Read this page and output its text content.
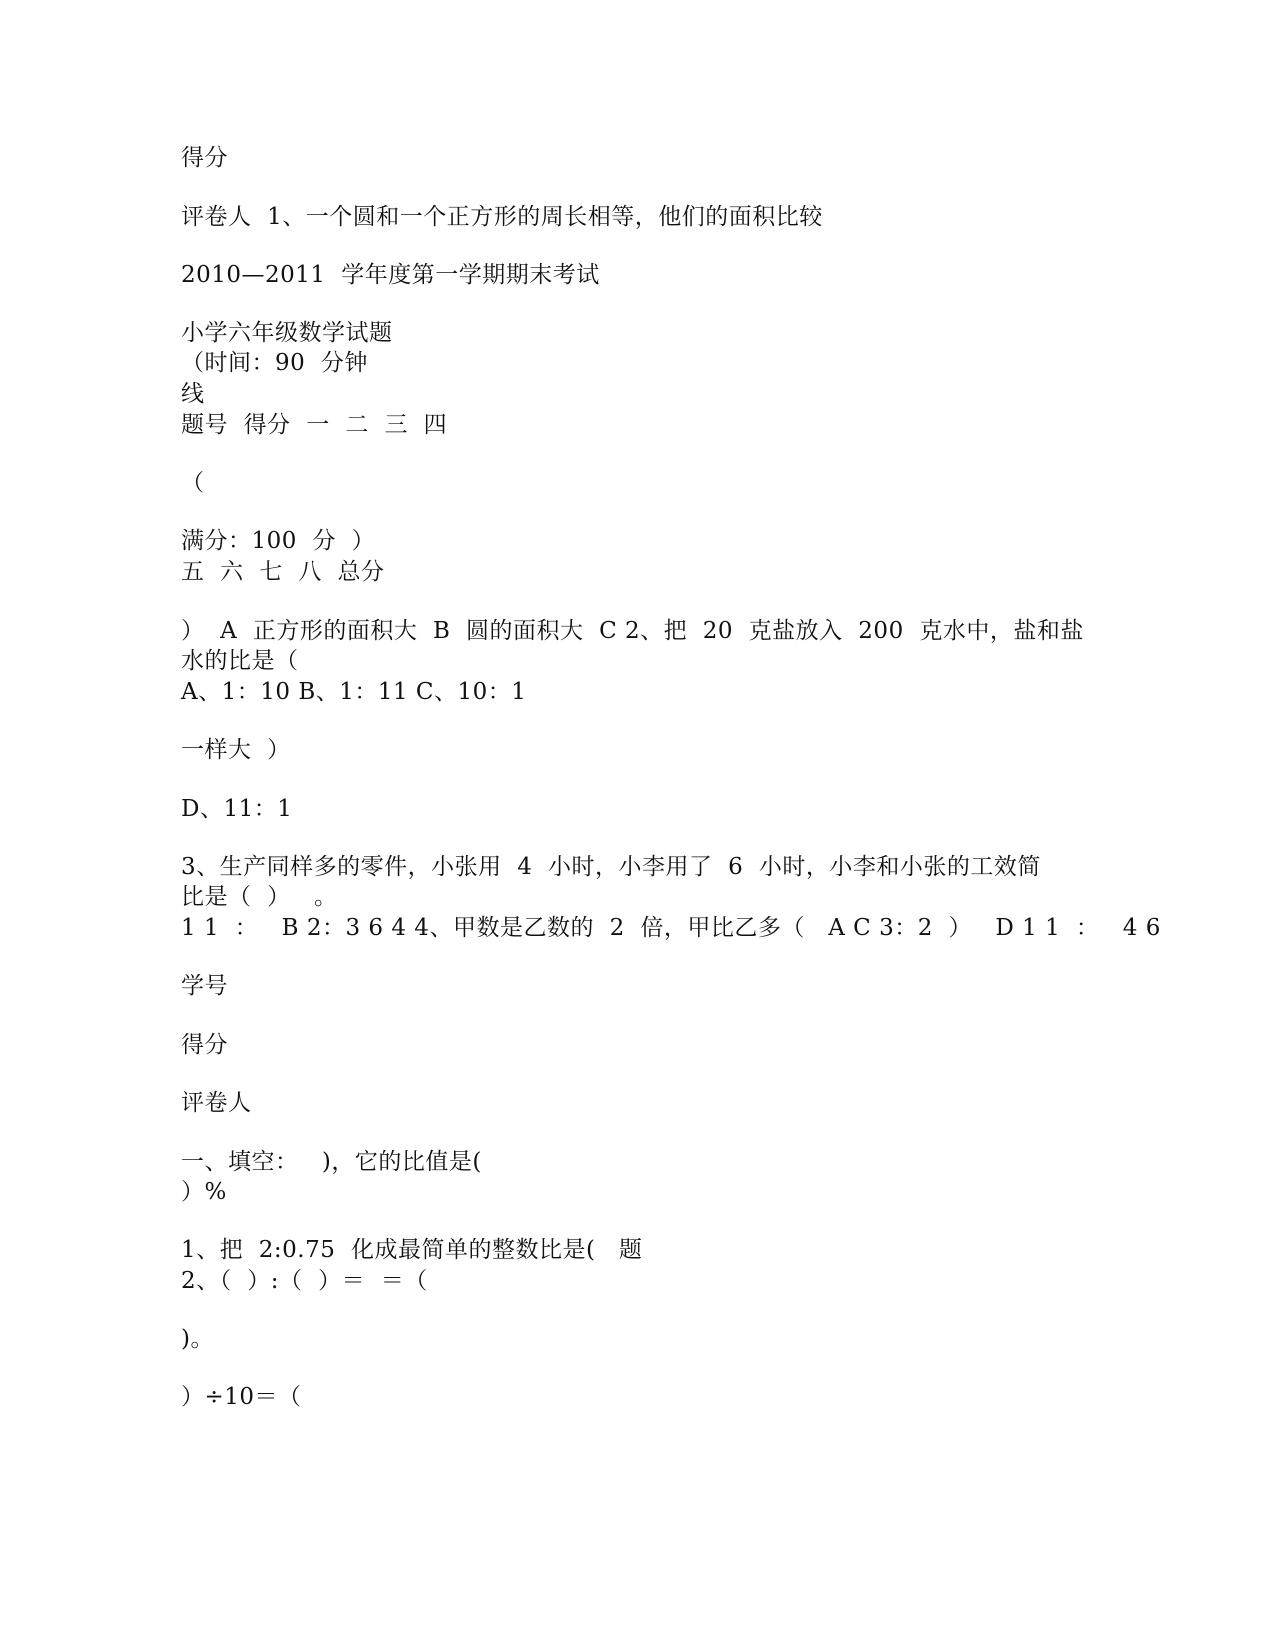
得分
评卷人  1、一个圆和一个正方形的周长相等，他们的面积比较
2010—2011  学年度第一学期期末考试
小学六年级数学试题
（时间：90  分钟
线
题号  得分  一  二  三  四
（
满分：100  分  ）
五  六  七  八  总分
）  A  正方形的面积大  B  圆的面积大  C 2、把  20  克盐放入  200  克水中，盐和盐
水的比是（
A、1：10 B、1：11 C、10：1
一样大  ）
D、11：1
3、生产同样多的零件，小张用  4  小时，小李用了  6  小时，小李和小张的工效简
比是（  ）   。
1 1  ：   B 2：3 6 4 4、甲数是乙数的  2  倍，甲比乙多（   A C 3：2  ）   D 1 1  ：   4 6
学号
得分
评卷人
一、填空：   )，它的比值是(
）%
1、把  2:0.75  化成最简单的整数比是(   题
2、（  ）:（  ）＝  ＝（
)。
）÷10＝（
